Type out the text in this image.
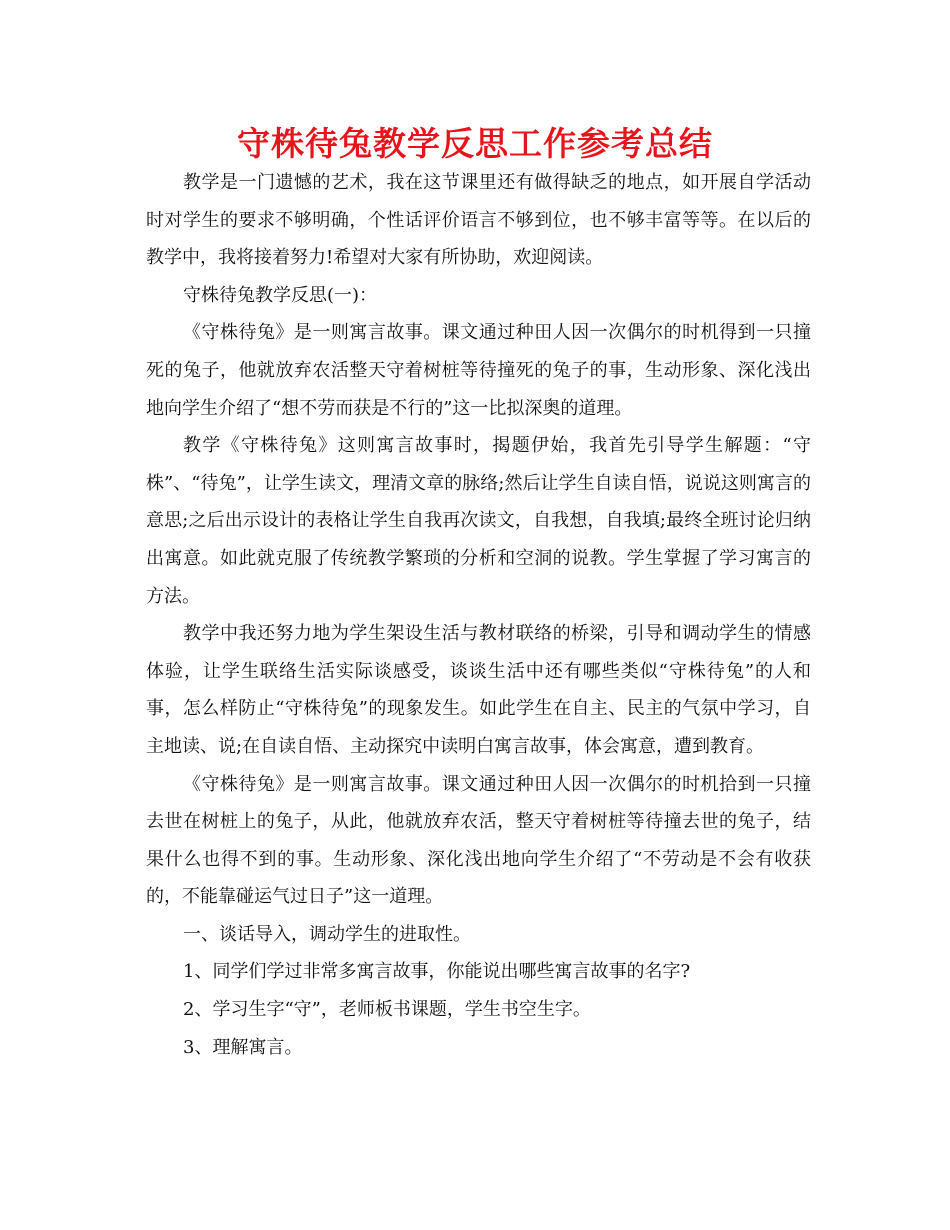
守株待兔教学反思工作参考总结

教学是一门遗憾的艺术，我在这节课里还有做得缺乏的地点，如开展自学活动时对学生的要求不够明确，个性话评价语言不够到位，也不够丰富等等。在以后的教学中，我将接着努力!希望对大家有所协助，欢迎阅读。

守株待兔教学反思(一)：

《守株待兔》是一则寓言故事。课文通过种田人因一次偶尔的时机得到一只撞死的兔子，他就放弃农活整天守着树桩等待撞死的兔子的事，生动形象、深化浅出地向学生介绍了“想不劳而获是不行的”这一比拟深奥的道理。

教学《守株待兔》这则寓言故事时，揭题伊始，我首先引导学生解题：“守株”、“待兔”，让学生读文，理清文章的脉络;然后让学生自读自悟，说说这则寓言的意思;之后出示设计的表格让学生自我再次读文，自我想，自我填;最终全班讨论归纳出寓意。如此就克服了传统教学繁琐的分析和空洞的说教。学生掌握了学习寓言的方法。

教学中我还努力地为学生架设生活与教材联络的桥梁，引导和调动学生的情感体验，让学生联络生活实际谈感受，谈谈生活中还有哪些类似“守株待兔”的人和事，怎么样防止“守株待兔”的现象发生。如此学生在自主、民主的气氛中学习，自主地读、说;在自读自悟、主动探究中读明白寓言故事，体会寓意，遭到教育。

《守株待兔》是一则寓言故事。课文通过种田人因一次偶尔的时机拾到一只撞去世在树桩上的兔子，从此，他就放弃农活，整天守着树桩等待撞去世的兔子，结果什么也得不到的事。生动形象、深化浅出地向学生介绍了“不劳动是不会有收获的，不能靠碰运气过日子”这一道理。

一、谈话导入，调动学生的进取性。

1、同学们学过非常多寓言故事，你能说出哪些寓言故事的名字?

2、学习生字“守”，老师板书课题，学生书空生字。

3、理解寓言。
